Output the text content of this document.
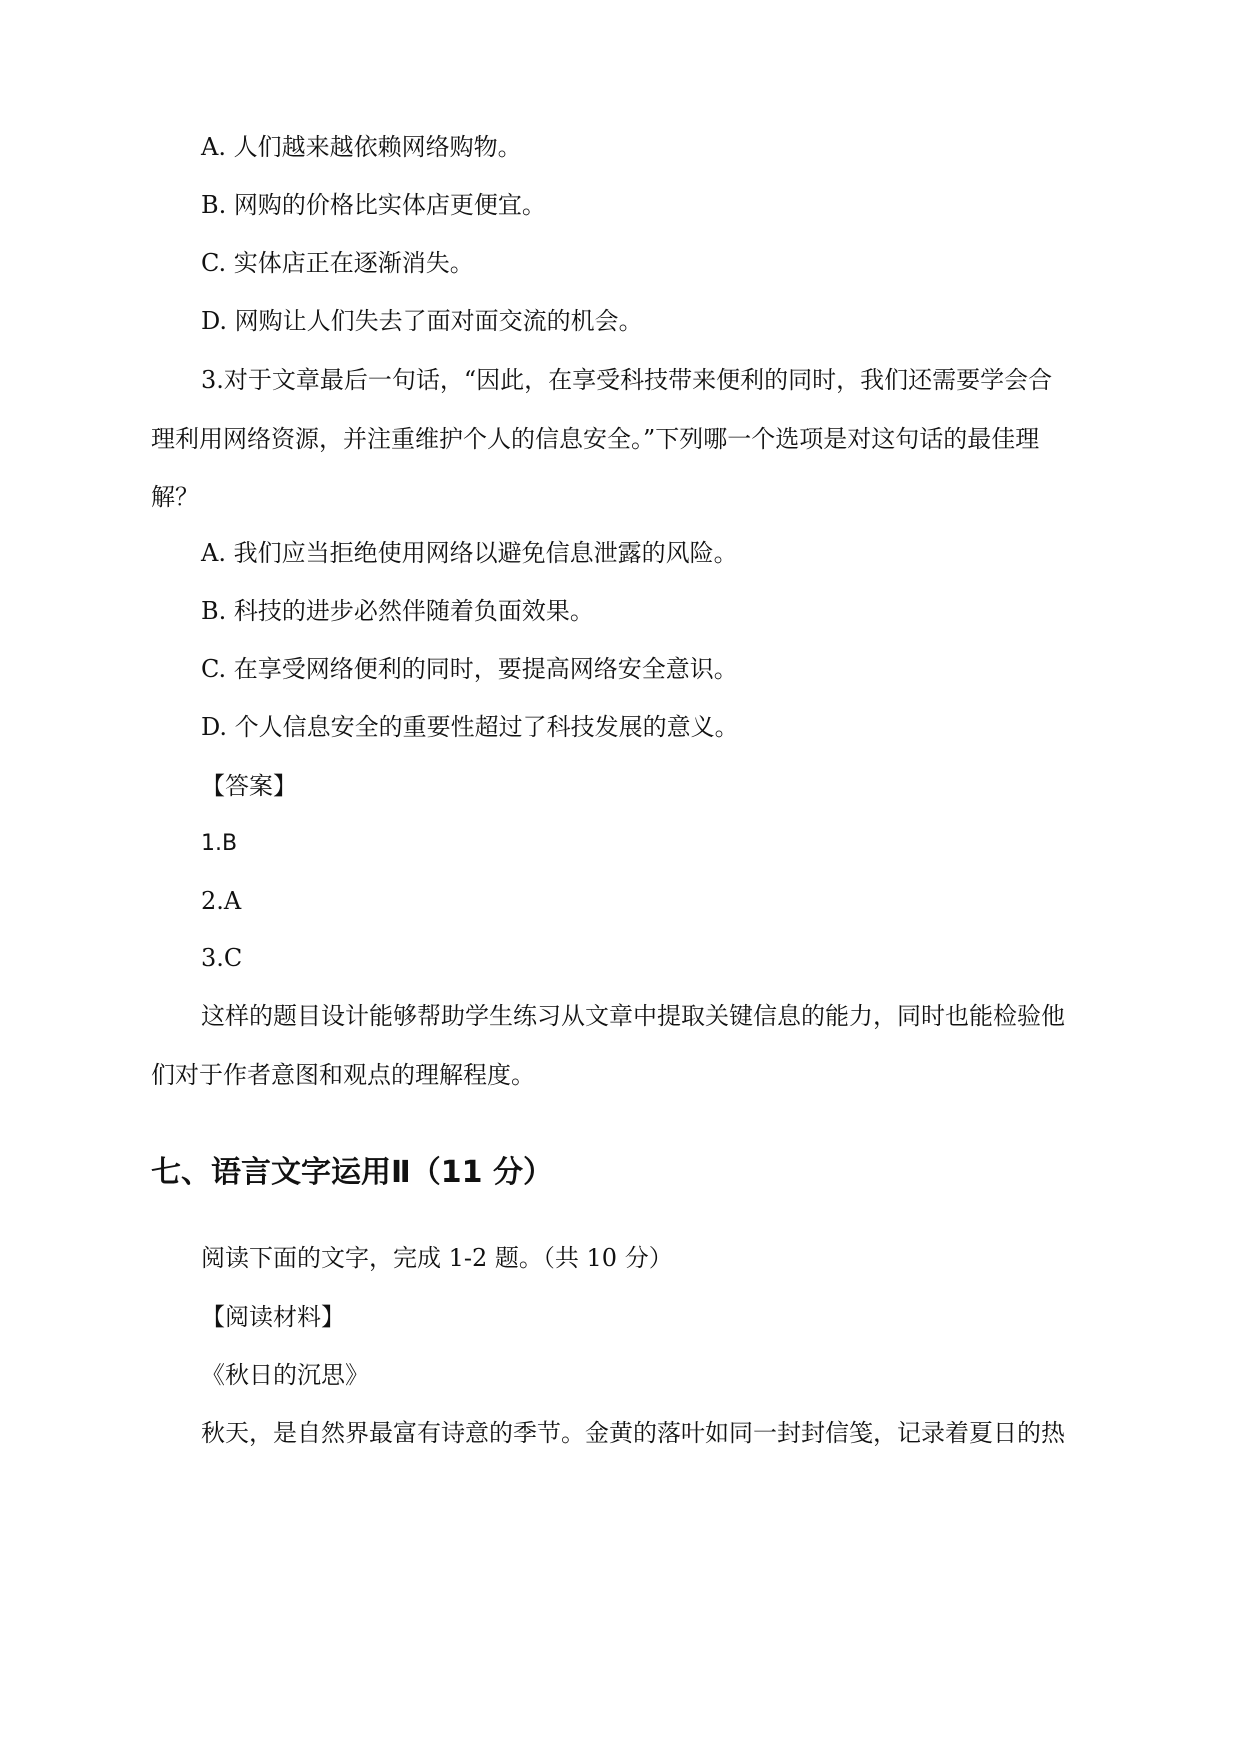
A. 人们越来越依赖网络购物。
B. 网购的价格比实体店更便宜。
C. 实体店正在逐渐消失。
D. 网购让人们失去了面对面交流的机会。
3.对于文章最后一句话，“因此，在享受科技带来便利的同时，我们还需要学会合
理利用网络资源，并注重维护个人的信息安全。”下列哪一个选项是对这句话的最佳理
解？
A. 我们应当拒绝使用网络以避免信息泄露的风险。
B. 科技的进步必然伴随着负面效果。
C. 在享受网络便利的同时，要提高网络安全意识。
D. 个人信息安全的重要性超过了科技发展的意义。
【答案】
1.B
2.A
3.C
这样的题目设计能够帮助学生练习从文章中提取关键信息的能力，同时也能检验他
们对于作者意图和观点的理解程度。
七、语言文字运用Ⅱ（11 分）
阅读下面的文字，完成 1-2 题。（共 10 分）
【阅读材料】
《秋日的沉思》
秋天，是自然界最富有诗意的季节。金黄的落叶如同一封封信笺，记录着夏日的热
